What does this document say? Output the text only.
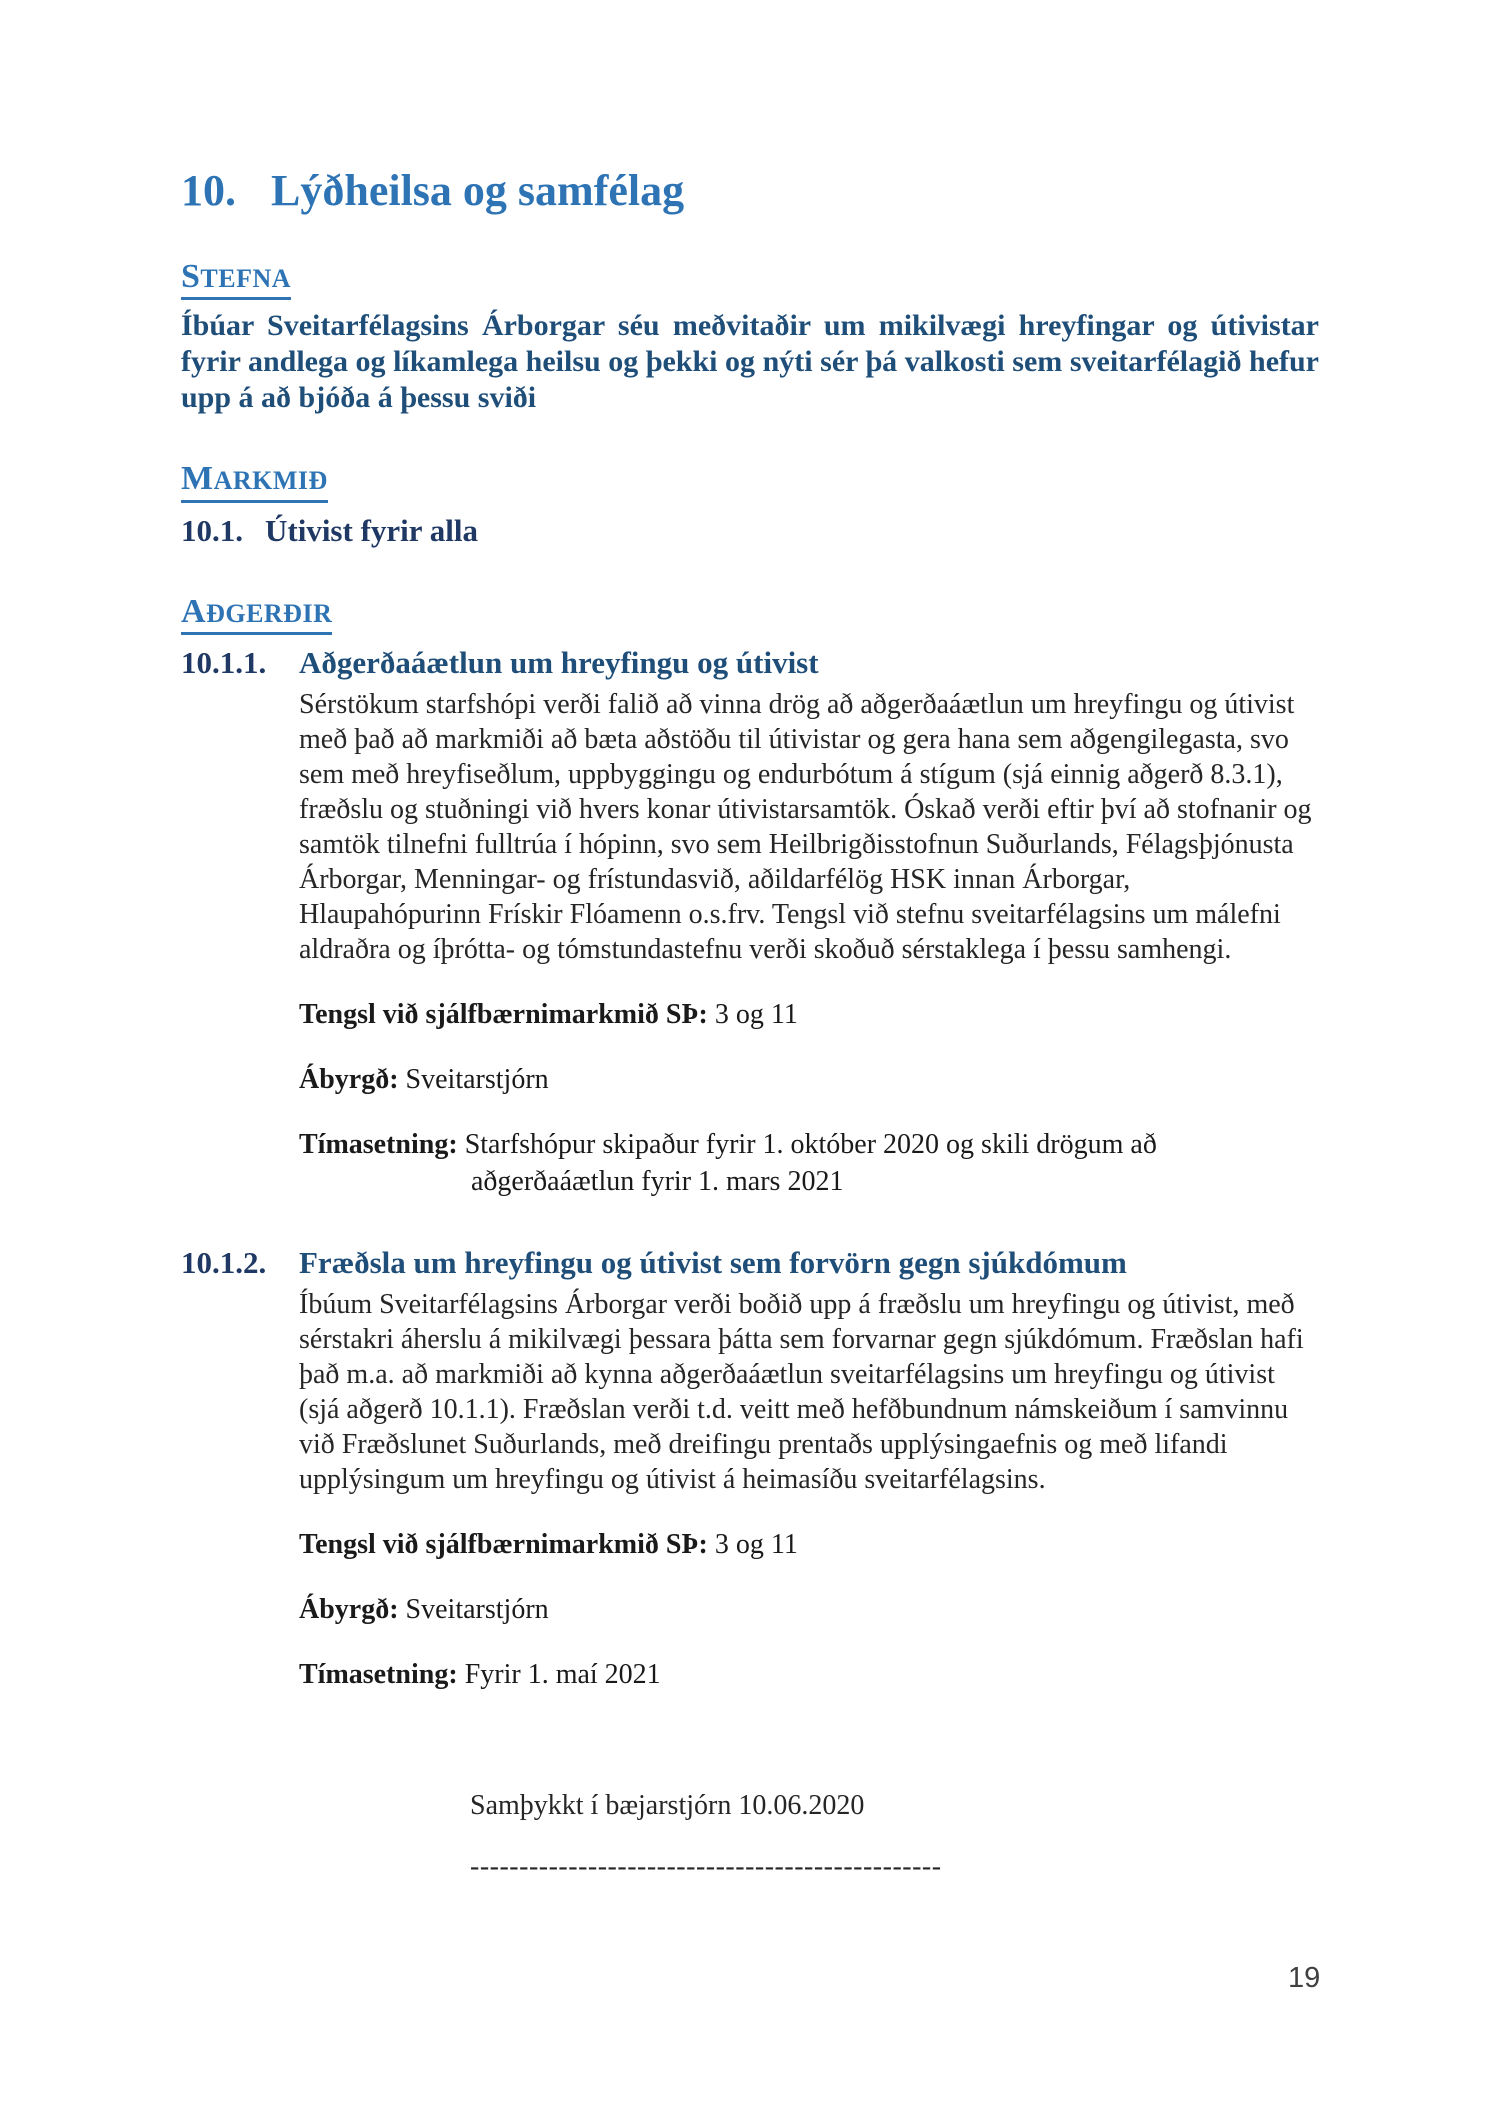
10. Lýðheilsa og samfélag
STEFNA

Íbúar Sveitarfélagsins Árborgar séu meðvitaðir um mikilvægi hreyfingar og útivistar fyrir andlega og líkamlega heilsu og þekki og nýti sér þá valkosti sem sveitarfélagið hefur upp á að bjóða á þessu sviði

MARKMIÐ
10.1. Útivist fyrir alla
AÐGERÐIR
10.1.1. Aðgerðaáætlun um hreyfingu og útivist

Sérstökum starfshópi verði falið að vinna drög að aðgerðaáætlun um hreyfingu og útivist með það að markmiði að bæta aðstöðu til útivistar og gera hana sem aðgengilegasta, svo sem með hreyfiseðlum, uppbyggingu og endurbótum á stígum (sjá einnig aðgerð 8.3.1), fræðslu og stuðningi við hvers konar útivistarsamtök. Óskað verði eftir því að stofnanir og samtök tilnefni fulltrúa í hópinn, svo sem Heilbrigðisstofnun Suðurlands, Félagsþjónusta Árborgar, Menningar- og frístundasvið, aðildarfélög HSK innan Árborgar, Hlaupahópurinn Frískir Flóamenn o.s.frv. Tengsl við stefnu sveitarfélagsins um málefni aldraðra og íþrótta- og tómstundastefnu verði skoðuð sérstaklega í þessu samhengi.

Tengsl við sjálfbærnimarkmið SÞ: 3 og 11

Ábyrgð: Sveitarstjórn

Tímasetning: Starfshópur skipaður fyrir 1. október 2020 og skili drögum að

aðgerðaáætlun fyrir 1. mars 2021

10.1.2. Fræðsla um hreyfingu og útivist sem forvörn gegn sjúkdómum

Íbúum Sveitarfélagsins Árborgar verði boðið upp á fræðslu um hreyfingu og útivist, með sérstakri áherslu á mikilvægi þessara þátta sem forvarnar gegn sjúkdómum. Fræðslan hafi það m.a. að markmiði að kynna aðgerðaáætlun sveitarfélagsins um hreyfingu og útivist (sjá aðgerð 10.1.1). Fræðslan verði t.d. veitt með hefðbundnum námskeiðum í samvinnu við Fræðslunet Suðurlands, með dreifingu prentaðs upplýsingaefnis og með lifandi upplýsingum um hreyfingu og útivist á heimasíðu sveitarfélagsins.

Tengsl við sjálfbærnimarkmið SÞ: 3 og 11

Ábyrgð: Sveitarstjórn

Tímasetning: Fyrir 1. maí 2021

Samþykkt í bæjarstjórn 10.06.2020

------------------------------------------------

19
